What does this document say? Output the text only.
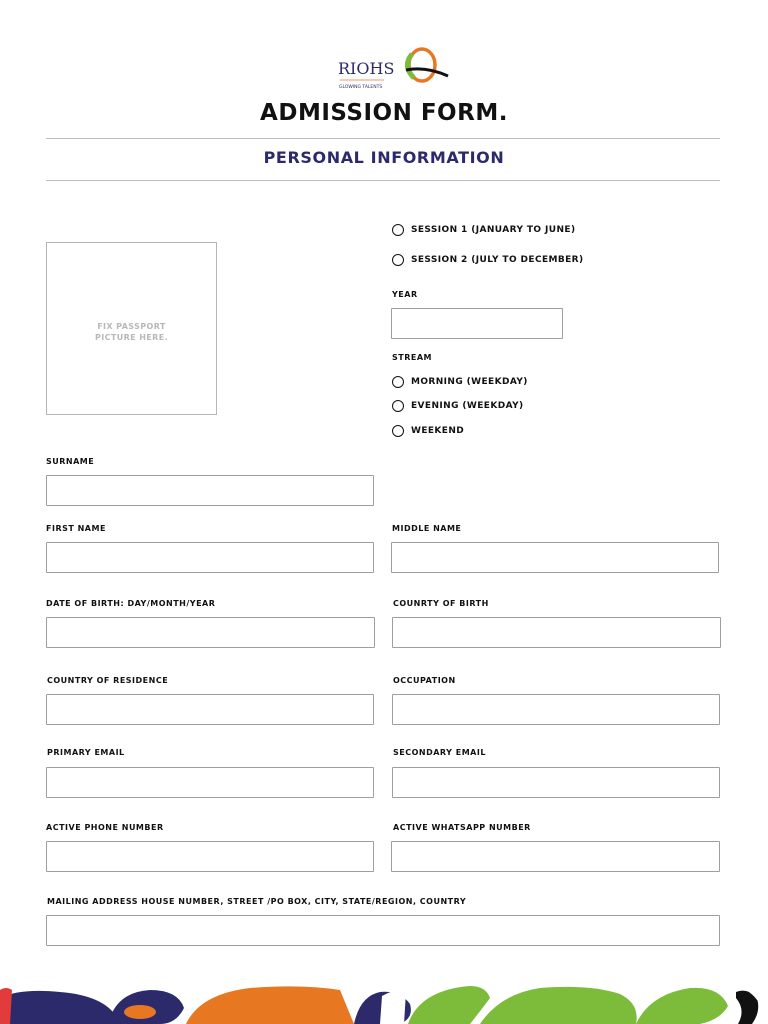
RIOHS
GLOWING TALENTS
ADMISSION FORM.
PERSONAL INFORMATION
FIX PASSPORT
PICTURE HERE.
SESSION 1 (JANUARY TO JUNE)
SESSION 2 (JULY TO DECEMBER)
YEAR
STREAM
MORNING (WEEKDAY)
EVENING (WEEKDAY)
WEEKEND
SURNAME
FIRST NAME	MIDDLE NAME
DATE OF BIRTH: DAY/MONTH/YEAR	COUNRTY OF BIRTH
COUNTRY OF RESIDENCE	OCCUPATION
PRIMARY EMAIL	SECONDARY EMAIL
ACTIVE PHONE NUMBER	ACTIVE WHATSAPP NUMBER
MAILING ADDRESS HOUSE NUMBER, STREET /PO BOX, CITY, STATE/REGION, COUNTRY
